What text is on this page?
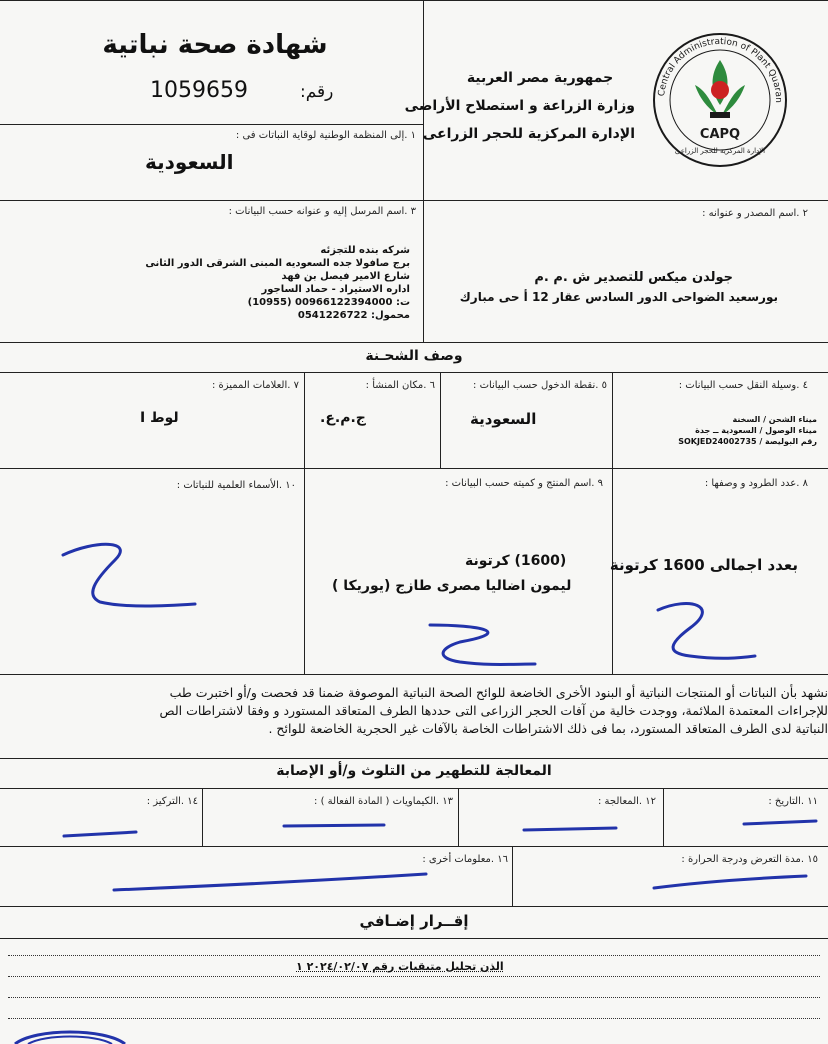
شهادة صحة نباتية
رقم:
1059659
١ .إلى المنظمة الوطنية لوقاية النباتات فى :
السعودية
جمهورية مصر العربية
وزارة الزراعة و استصلاح الأراضى
الإدارة المركزية للحجر الزراعى
Central Administration of Plant Quaran
CAPQ
الإدارة المركزية للحجر الزراعى
٣ .اسم المرسل إليه و عنوانه حسب البيانات :
شركه بنده للتجزئه
برج صافولا جده السعوديه المبنى الشرقى الدور الثانى
شارع الامير فيصل بن فهد
اداره الاستيراد - حماد الساجور
ت: 00966122394000 (10955)
محمول: 0541226722
٢ .اسم المصدر و عنوانه :
جولدن ميكس للتصدير ش .م .م
بورسعيد الضواحى الدور السادس عقار 12 أ حى مبارك
وصف الشحـنة
٧ .العلامات المميزة :
لوط I
٦ .مكان المنشأ :
ج.م.ع.
٥ .نقطة الدخول حسب البيانات :
السعودية
٤ .وسيلة النقل حسب البيانات :
ميناء الشحن / السخنة
ميناء الوصول / السعودية ــ جدة
رقم البوليصة / SOKJED24002735
١٠ .الأسماء العلمية للنباتات :	٩ .اسم المنتج و كميته حسب البيانات :
(1600) كرتونة
ليمون اضاليا مصرى طازج (يوريكا )
٨ .عدد الطرود و وصفها :
بعدد اجمالى 1600 كرتونة
نشهد بأن النباتات أو المنتجات النباتية أو البنود الأخرى الخاضعة للوائح الصحة النباتية الموصوفة ضمنا قد فحصت و/أو اختبرت طب
للإجراءات المعتمدة الملائمة، ووجدت خالية من آفات الحجر الزراعى التى حددها الطرف المتعاقد المستورد و وفقا لاشتراطات الص
النباتية لدى الطرف المتعاقد المستورد، بما فى ذلك الاشتراطات الخاصة بالآفات غير الحجرية الخاضعة للوائح .
المعالجة للتطهير من التلوث و/أو الإصابة
١٤ .التركيز :	١٣ .الكيماويات ( المادة الفعالة ) :	١٢ .المعالجة :	١١ .التاريخ :
١٦ .معلومات أخرى :	١٥ .مدة التعرض ودرجة الحرارة :
إقــرار إضـافي
الذن تحليل متبقيات رقم ٢٠٢٤/٠٢/٠٧ ١
